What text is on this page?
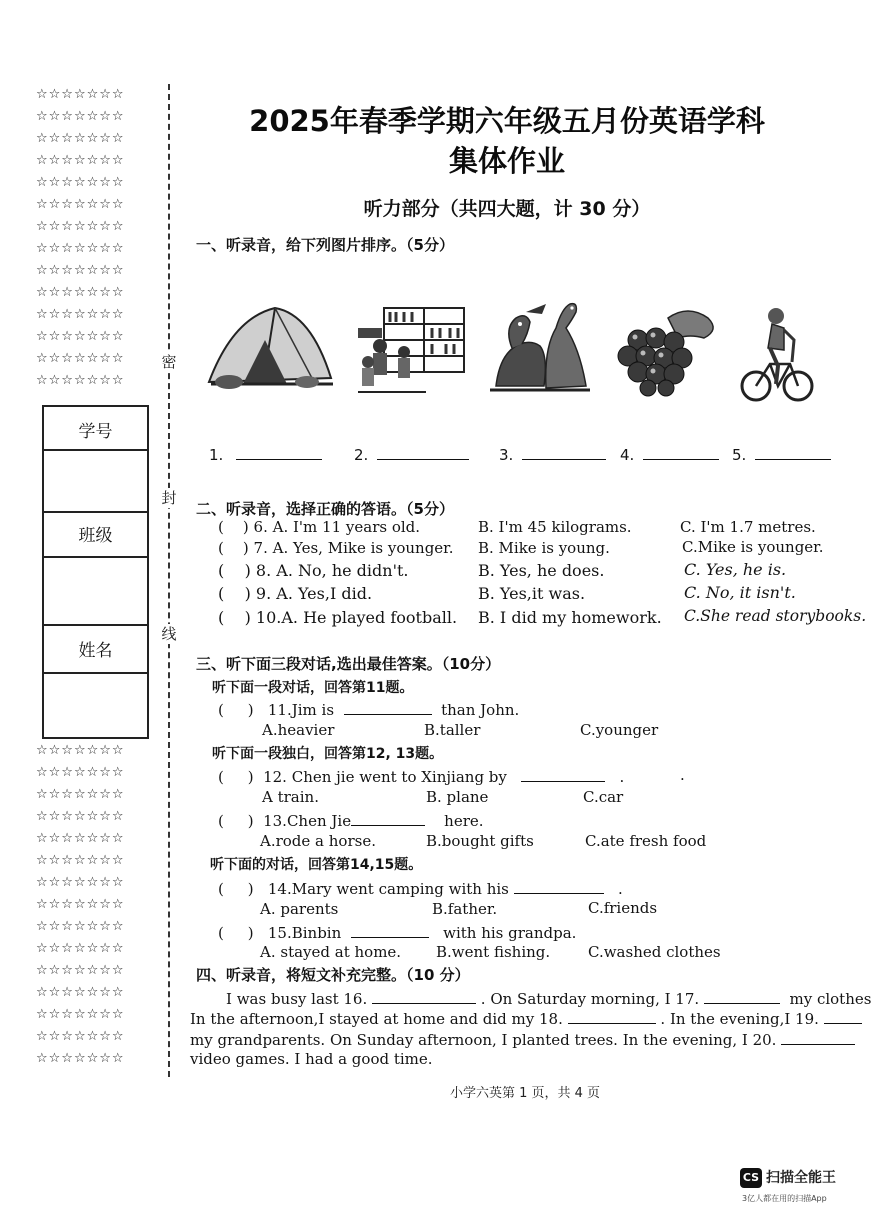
☆☆☆☆☆☆☆
☆☆☆☆☆☆☆
☆☆☆☆☆☆☆
☆☆☆☆☆☆☆
☆☆☆☆☆☆☆
☆☆☆☆☆☆☆
☆☆☆☆☆☆☆
☆☆☆☆☆☆☆
☆☆☆☆☆☆☆
☆☆☆☆☆☆☆
☆☆☆☆☆☆☆
☆☆☆☆☆☆☆
☆☆☆☆☆☆☆
☆☆☆☆☆☆☆
学号
班级
姓名
☆☆☆☆☆☆☆
☆☆☆☆☆☆☆
☆☆☆☆☆☆☆
☆☆☆☆☆☆☆
☆☆☆☆☆☆☆
☆☆☆☆☆☆☆
☆☆☆☆☆☆☆
☆☆☆☆☆☆☆
☆☆☆☆☆☆☆
☆☆☆☆☆☆☆
☆☆☆☆☆☆☆
☆☆☆☆☆☆☆
☆☆☆☆☆☆☆
☆☆☆☆☆☆☆
☆☆☆☆☆☆☆
密
封
线
2025年春季学期六年级五月份英语学科
集体作业
听力部分（共四大题，计 30 分）
一、听录音，给下列图片排序。（5分）
1.	2.	3.	4.	5.
二、听录音，选择正确的答语。（5分）
(    ) 6. A. I'm 11 years old.	B. I'm 45 kilograms.	C. I'm 1.7 metres.
(    ) 7. A. Yes, Mike is younger. B. Mike is young.	C.Mike is younger.
(    ) 8. A. No, he didn't.	B. Yes, he does.	C. Yes, he is.
(    ) 9. A. Yes,I did.	B. Yes,it was.	C. No, it isn't.
(    ) 10.A. He played football. B. I did my homework. C.She read storybooks.
三、听下面三段对话,选出最佳答案。（10分）
听下面一段对话，回答第11题。
(     )   11.Jim is	than John.
A.heavier	B.taller	C.younger
听下面一段独白，回答第12, 13题。
(     )  12. Chen jie went to Xinjiang by	.	.
A train.	B. plane	C.car
(     )  13.Chen Jie	here.
A.rode a horse.	B.bought gifts	C.ate fresh food
听下面的对话，回答第14,15题。
(     )   14.Mary went camping with his	.
A. parents	B.father.	C.friends
(     )   15.Binbin	with his grandpa.
A. stayed at home. B.went fishing.	C.washed clothes
四、听录音，将短文补充完整。（10 分）
I was busy last 16.	. On Saturday morning, I 17.	my clothes
In the afternoon,I stayed at home and did my 18.	. In the evening,I 19.
my grandparents. On Sunday afternoon, I planted trees. In the evening, I 20.
video games. I had a good time.
小学六英第 1 页，共 4 页
CS 扫描全能王
3亿人都在用的扫描App
